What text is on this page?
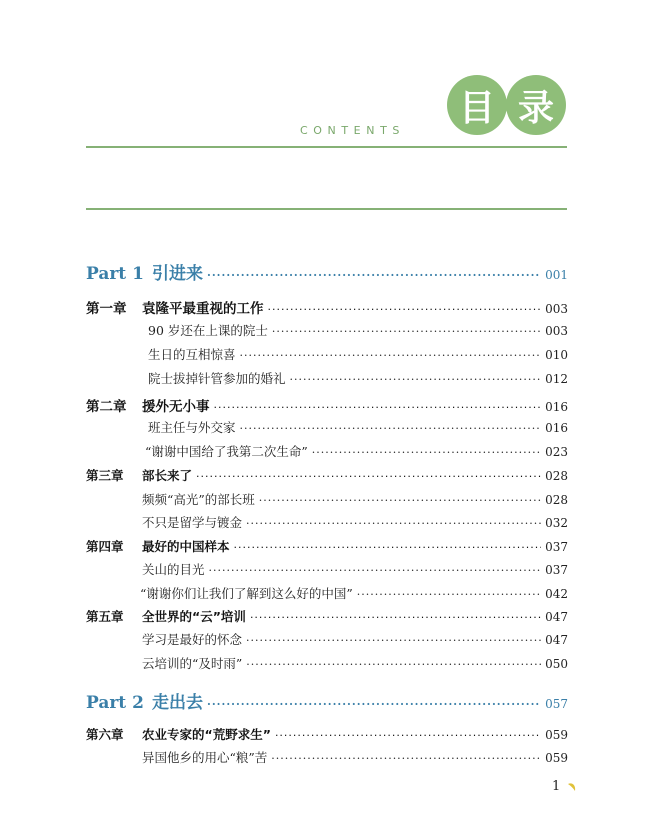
目 录
CONTENTS
Part 1 引进来 ·····	001
第一章	袁隆平最重视的工作 ·····	003
90 岁还在上课的院士 ·····	003
生日的互相惊喜 ·····	010
院士拔掉针管参加的婚礼 ·····	012
第二章	援外无小事 ·····	016
班主任与外交家 ·····	016
“谢谢中国给了我第二次生命” ·····	023
第三章	部长来了 ·····	028
频频“高光”的部长班 ·····	028
不只是留学与镀金 ·····	032
第四章	最好的中国样本 ·····	037
关山的目光 ·····	037
“谢谢你们让我们了解到这么好的中国” ·····	042
第五章	全世界的“云”培训 ·····	047
学习是最好的怀念 ·····	047
云培训的“及时雨” ·····	050
Part 2 走出去 ·····	057
第六章	农业专家的“荒野求生” ·····	059
异国他乡的用心“粮”苦 ·····	059
1
